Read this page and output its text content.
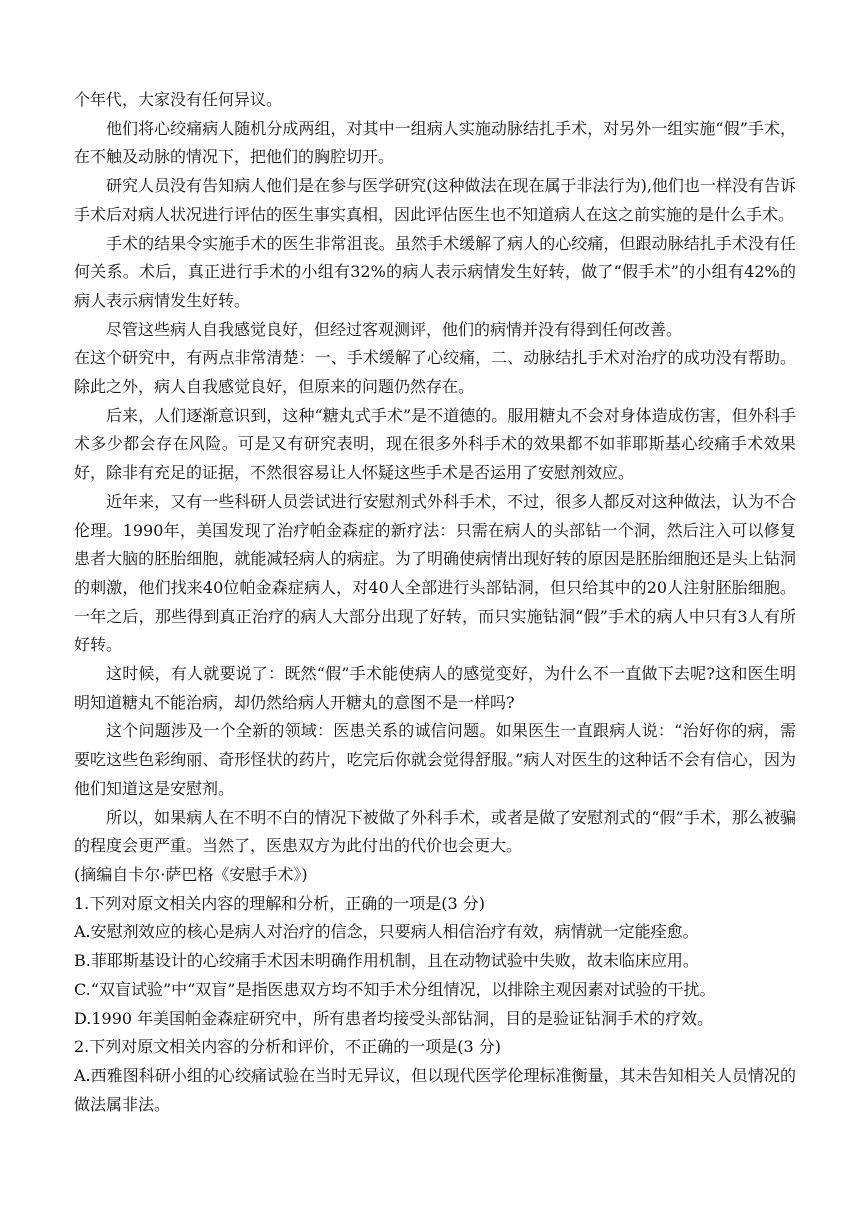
个年代，大家没有任何异议。

他们将心绞痛病人随机分成两组，对其中一组病人实施动脉结扎手术，对另外一组实施“假”手术，在不触及动脉的情况下，把他们的胸腔切开。

研究人员没有告知病人他们是在参与医学研究(这种做法在现在属于非法行为),他们也一样没有告诉手术后对病人状况进行评估的医生事实真相，因此评估医生也不知道病人在这之前实施的是什么手术。

手术的结果令实施手术的医生非常沮丧。虽然手术缓解了病人的心绞痛，但跟动脉结扎手术没有任何关系。术后，真正进行手术的小组有32%的病人表示病情发生好转，做了“假手术”的小组有42%的病人表示病情发生好转。

尽管这些病人自我感觉良好，但经过客观测评，他们的病情并没有得到任何改善。

在这个研究中，有两点非常清楚：一、手术缓解了心绞痛，二、动脉结扎手术对治疗的成功没有帮助。除此之外，病人自我感觉良好，但原来的问题仍然存在。

后来，人们逐渐意识到，这种“糖丸式手术”是不道德的。服用糖丸不会对身体造成伤害，但外科手术多少都会存在风险。可是又有研究表明，现在很多外科手术的效果都不如菲耶斯基心绞痛手术效果好，除非有充足的证据，不然很容易让人怀疑这些手术是否运用了安慰剂效应。

近年来，又有一些科研人员尝试进行安慰剂式外科手术，不过，很多人都反对这种做法，认为不合伦理。1990年，美国发现了治疗帕金森症的新疗法：只需在病人的头部钻一个洞，然后注入可以修复患者大脑的胚胎细胞，就能减轻病人的病症。为了明确使病情出现好转的原因是胚胎细胞还是头上钻洞的刺激，他们找来40位帕金森症病人，对40人全部进行头部钻洞，但只给其中的20人注射胚胎细胞。一年之后，那些得到真正治疗的病人大部分出现了好转，而只实施钻洞“假”手术的病人中只有3人有所好转。

这时候，有人就要说了：既然“假”手术能使病人的感觉变好，为什么不一直做下去呢?这和医生明明知道糖丸不能治病，却仍然给病人开糖丸的意图不是一样吗?

这个问题涉及一个全新的领域：医患关系的诚信问题。如果医生一直跟病人说：“治好你的病，需要吃这些色彩绚丽、奇形怪状的药片，吃完后你就会觉得舒服。”病人对医生的这种话不会有信心，因为他们知道这是安慰剂。

所以，如果病人在不明不白的情况下被做了外科手术，或者是做了安慰剂式的“假”手术，那么被骗的程度会更严重。当然了，医患双方为此付出的代价也会更大。

(摘编自卡尔·萨巴格《安慰手术》)

1.下列对原文相关内容的理解和分析，正确的一项是(3 分)

A.安慰剂效应的核心是病人对治疗的信念，只要病人相信治疗有效，病情就一定能痊愈。

B.菲耶斯基设计的心绞痛手术因未明确作用机制，且在动物试验中失败，故未临床应用。

C.“双盲试验”中“双盲”是指医患双方均不知手术分组情况，以排除主观因素对试验的干扰。

D.1990 年美国帕金森症研究中，所有患者均接受头部钻洞，目的是验证钻洞手术的疗效。

2.下列对原文相关内容的分析和评价，不正确的一项是(3 分)

A.西雅图科研小组的心绞痛试验在当时无异议，但以现代医学伦理标准衡量，其未告知相关人员情况的做法属非法。
